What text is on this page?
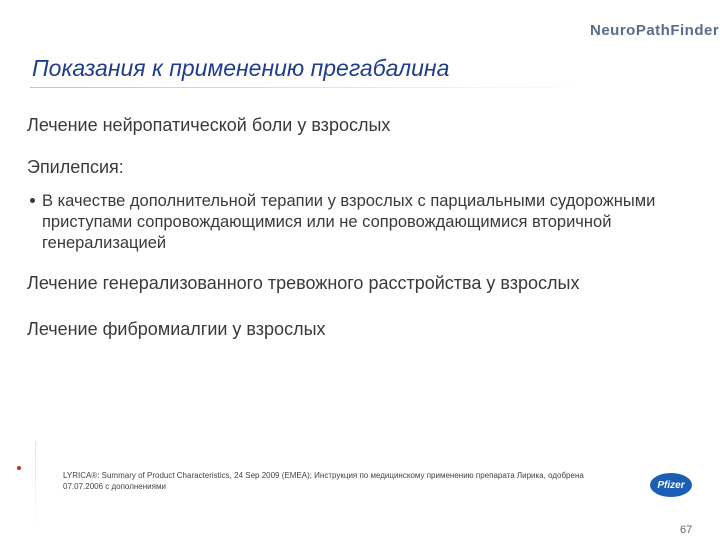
NeuroPathFinder
Показания к применению прегабалина

Лечение нейропатической боли у взрослых

Эпилепсия:

В качестве дополнительной терапии у взрослых с парциальными судорожными приступами сопровождающимися или не сопровождающимися вторичной генерализацией

Лечение генерализованного тревожного расстройства у взрослых

Лечение фибромиалгии у взрослых

LYRICA®: Summary of Product Characteristics, 24 Sep 2009 (EMEA); Инструкция по медицинскому применению препарата Лирика, одобрена 07.07.2006 с дополнениями	Pfizer
67
